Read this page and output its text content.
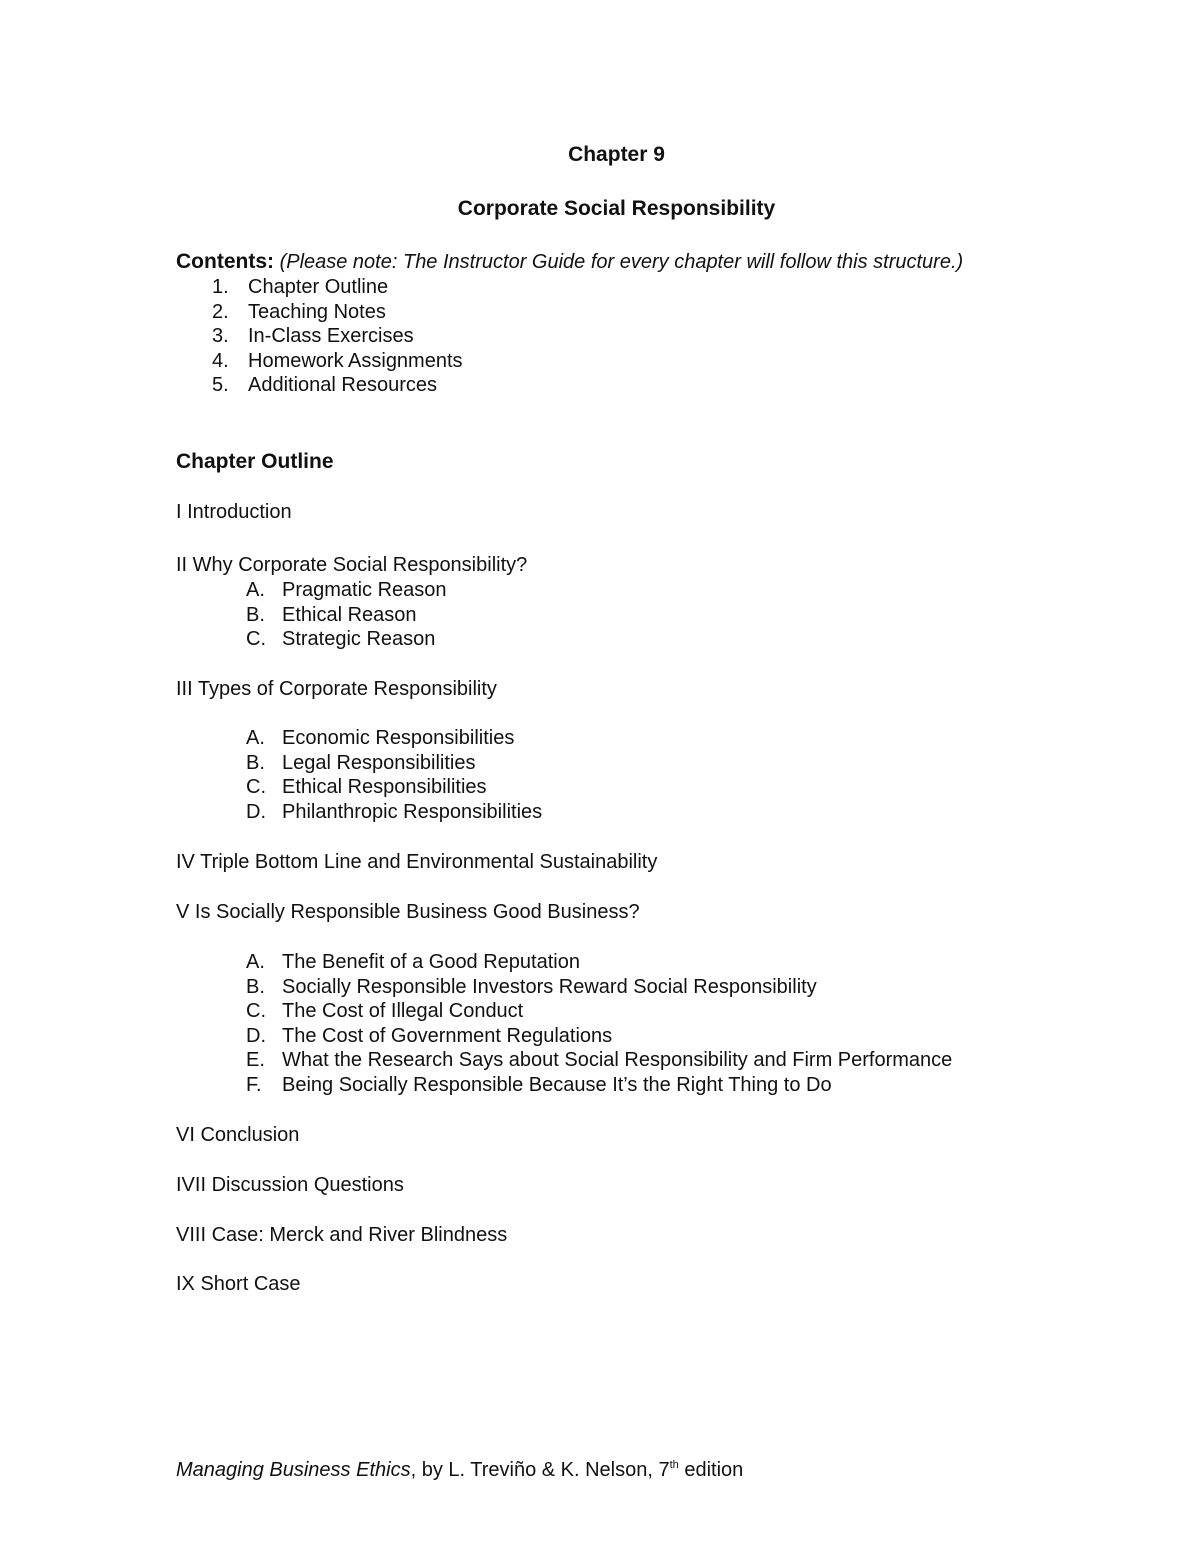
Chapter 9
Corporate Social Responsibility
Contents: (Please note: The Instructor Guide for every chapter will follow this structure.)
1. Chapter Outline
2. Teaching Notes
3. In-Class Exercises
4. Homework Assignments
5. Additional Resources
Chapter Outline
I Introduction
II Why Corporate Social Responsibility?
A. Pragmatic Reason
B. Ethical Reason
C. Strategic Reason
III Types of Corporate Responsibility
A. Economic Responsibilities
B. Legal Responsibilities
C. Ethical Responsibilities
D. Philanthropic Responsibilities
IV Triple Bottom Line and Environmental Sustainability
V Is Socially Responsible Business Good Business?
A. The Benefit of a Good Reputation
B. Socially Responsible Investors Reward Social Responsibility
C. The Cost of Illegal Conduct
D. The Cost of Government Regulations
E. What the Research Says about Social Responsibility and Firm Performance
F. Being Socially Responsible Because It’s the Right Thing to Do
VI Conclusion
IVII Discussion Questions
VIII Case: Merck and River Blindness
IX Short Case
Managing Business Ethics, by L. Treviño & K. Nelson, 7th edition
